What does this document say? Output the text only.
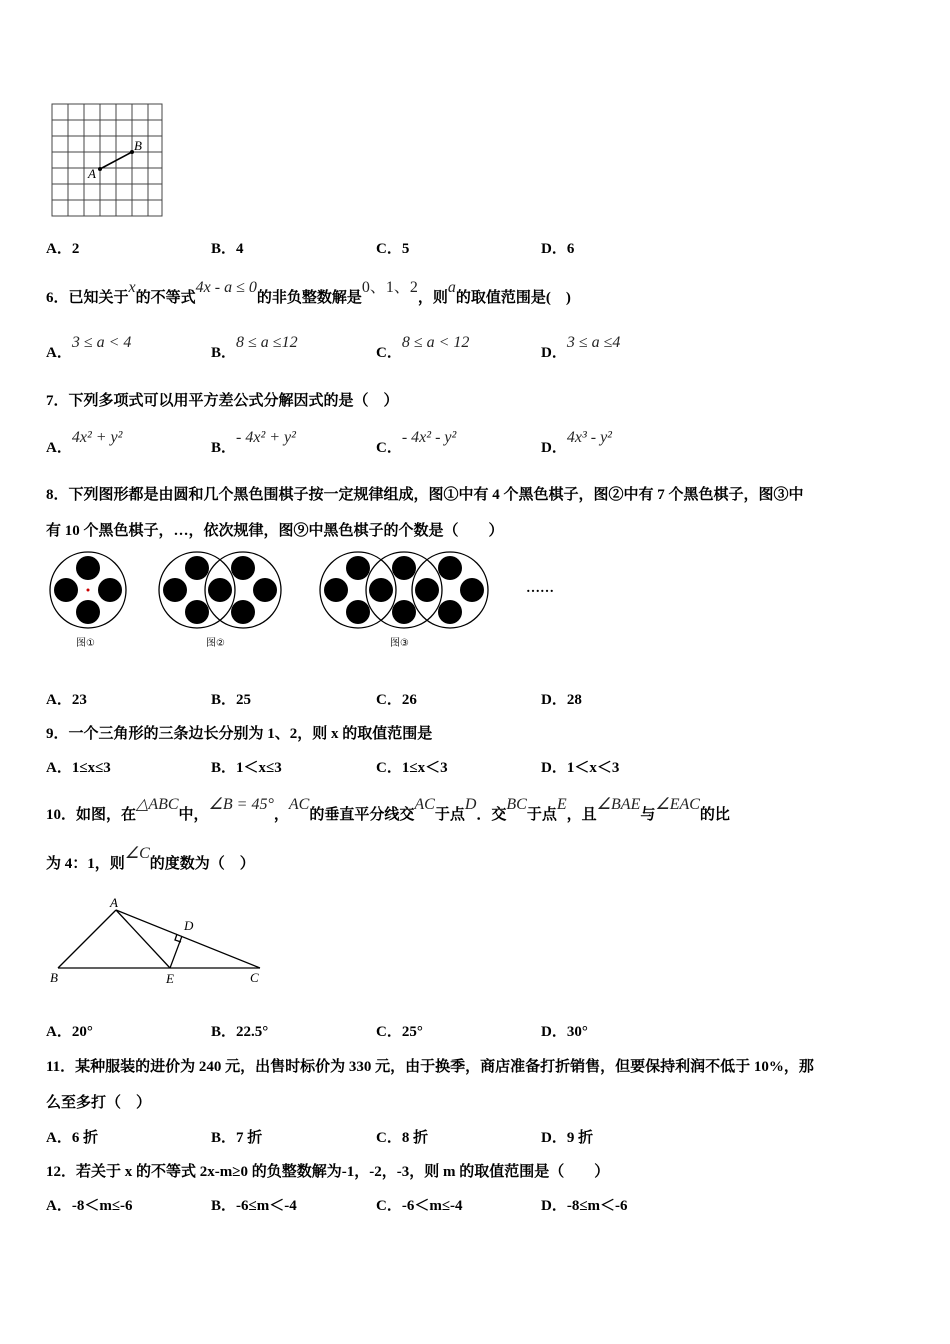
A
B
A．2	B．4	C．5	D．6
6．已知关于x的不等式4x - a ≤ 0的非负整数解是0、1、2，则a的取值范围是(　)
A．3 ≤ a < 4
B．8 ≤ a ≤12
C．8 ≤ a < 12
D．3 ≤ a ≤4
7．下列多项式可以用平方差公式分解因式的是（　）
A．4x² + y²
B．- 4x² + y²
C．- 4x² - y²
D．4x³ - y²
8．下列图形都是由圆和几个黑色围棋子按一定规律组成，图①中有 4 个黑色棋子，图②中有 7 个黑色棋子，图③中
有 10 个黑色棋子，…，依次规律，图⑨中黑色棋子的个数是（　　）
图①	图②	图③
……
A．23	B．25	C．26	D．28
9．一个三角形的三条边长分别为 1、2，则 x 的取值范围是
A．1≤x≤3	B．1＜x≤3	C．1≤x＜3	D．1＜x＜3
10．如图，在△ABC中，∠B = 45°，AC的垂直平分线交AC于点D．交BC于点E，且∠BAE与∠EAC的比
为 4：1，则∠C的度数为（　）
A
B	C
D
E
A．20°	B．22.5°	C．25°	D．30°
11．某种服装的进价为 240 元，出售时标价为 330 元，由于换季，商店准备打折销售，但要保持利润不低于 10%，那
么至多打（　）
A．6 折	B．7 折	C．8 折	D．9 折
12．若关于 x 的不等式 2x-m≥0 的负整数解为-1，-2，-3，则 m 的取值范围是（　　）
A．-8＜m≤-6	B．-6≤m＜-4	C．-6＜m≤-4	D．-8≤m＜-6
